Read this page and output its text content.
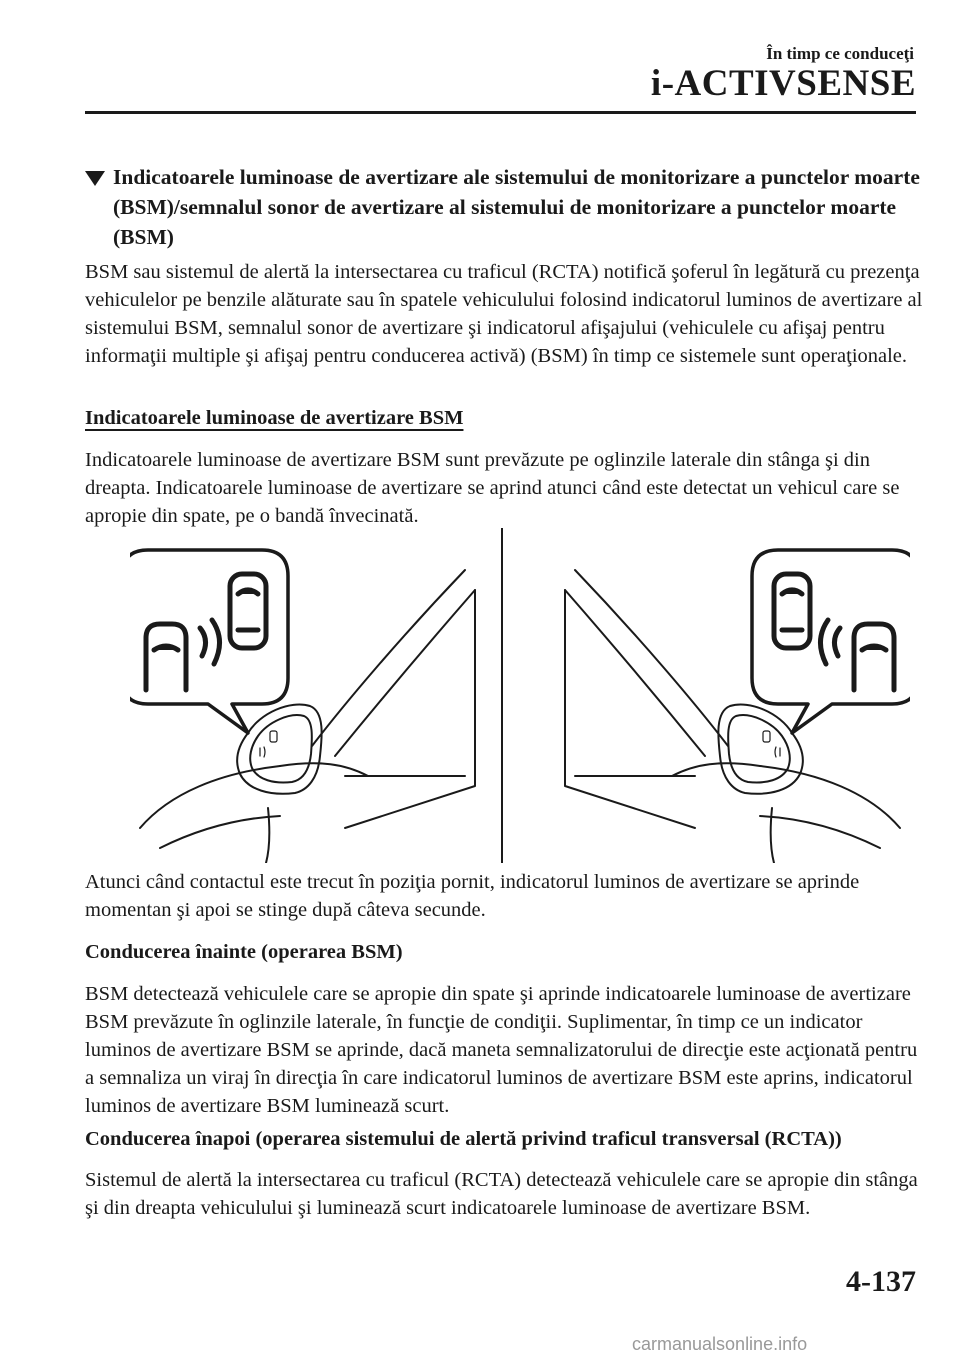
În timp ce conduceţi
i-ACTIVSENSE
Indicatoarele luminoase de avertizare ale sistemului de monitorizare a punctelor moarte (BSM)/semnalul sonor de avertizare al sistemului de monitorizare a punctelor moarte (BSM)
BSM sau sistemul de alertă la intersectarea cu traficul (RCTA) notifică şoferul în legătură cu prezenţa vehiculelor pe benzile alăturate sau în spatele vehiculului folosind indicatorul luminos de avertizare al sistemului BSM, semnalul sonor de avertizare şi indicatorul afişajului (vehiculele cu afişaj pentru informaţii multiple şi afişaj pentru conducerea activă) (BSM) în timp ce sistemele sunt operaţionale.
Indicatoarele luminoase de avertizare BSM
Indicatoarele luminoase de avertizare BSM sunt prevăzute pe oglinzile laterale din stânga şi din dreapta. Indicatoarele luminoase de avertizare se aprind atunci când este detectat un vehicul care se apropie din spate, pe o bandă învecinată.
Atunci când contactul este trecut în poziţia pornit, indicatorul luminos de avertizare se aprinde momentan şi apoi se stinge după câteva secunde.
Conducerea înainte (operarea BSM)
BSM detectează vehiculele care se apropie din spate şi aprinde indicatoarele luminoase de avertizare BSM prevăzute în oglinzile laterale, în funcţie de condiţii. Suplimentar, în timp ce un indicator luminos de avertizare BSM se aprinde, dacă maneta semnalizatorului de direcţie este acţionată pentru a semnaliza un viraj în direcţia în care indicatorul luminos de avertizare BSM este aprins, indicatorul luminos de avertizare BSM luminează scurt.
Conducerea înapoi (operarea sistemului de alertă privind traficul transversal (RCTA))
Sistemul de alertă la intersectarea cu traficul (RCTA) detectează vehiculele care se apropie din stânga şi din dreapta vehiculului şi luminează scurt indicatoarele luminoase de avertizare BSM.
4-137
carmanualsonline.info
